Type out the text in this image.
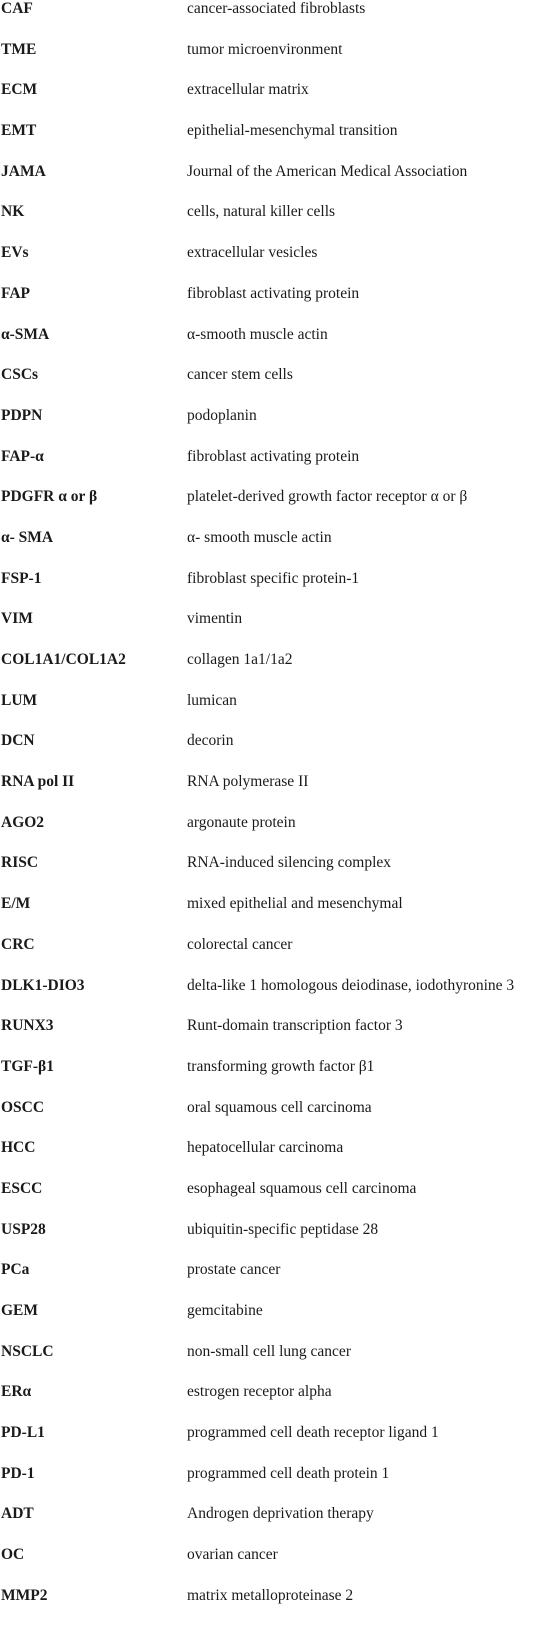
CAF	cancer-associated fibroblasts
TME	tumor microenvironment
ECM	extracellular matrix
EMT	epithelial-mesenchymal transition
JAMA	Journal of the American Medical Association
NK	cells, natural killer cells
EVs	extracellular vesicles
FAP	fibroblast activating protein
α-SMA	α-smooth muscle actin
CSCs	cancer stem cells
PDPN	podoplanin
FAP-α	fibroblast activating protein
PDGFR α or β	platelet-derived growth factor receptor α or β
α- SMA	α- smooth muscle actin
FSP-1	fibroblast specific protein-1
VIM	vimentin
COL1A1/COL1A2	collagen 1a1/1a2
LUM	lumican
DCN	decorin
RNA pol II	RNA polymerase II
AGO2	argonaute protein
RISC	RNA-induced silencing complex
E/M	mixed epithelial and mesenchymal
CRC	colorectal cancer
DLK1-DIO3	delta-like 1 homologous deiodinase, iodothyronine 3
RUNX3	Runt-domain transcription factor 3
TGF-β1	transforming growth factor β1
OSCC	oral squamous cell carcinoma
HCC	hepatocellular carcinoma
ESCC	esophageal squamous cell carcinoma
USP28	ubiquitin-specific peptidase 28
PCa	prostate cancer
GEM	gemcitabine
NSCLC	non-small cell lung cancer
ERα	estrogen receptor alpha
PD-L1	programmed cell death receptor ligand 1
PD-1	programmed cell death protein 1
ADT	Androgen deprivation therapy
OC	ovarian cancer
MMP2	matrix metalloproteinase 2
